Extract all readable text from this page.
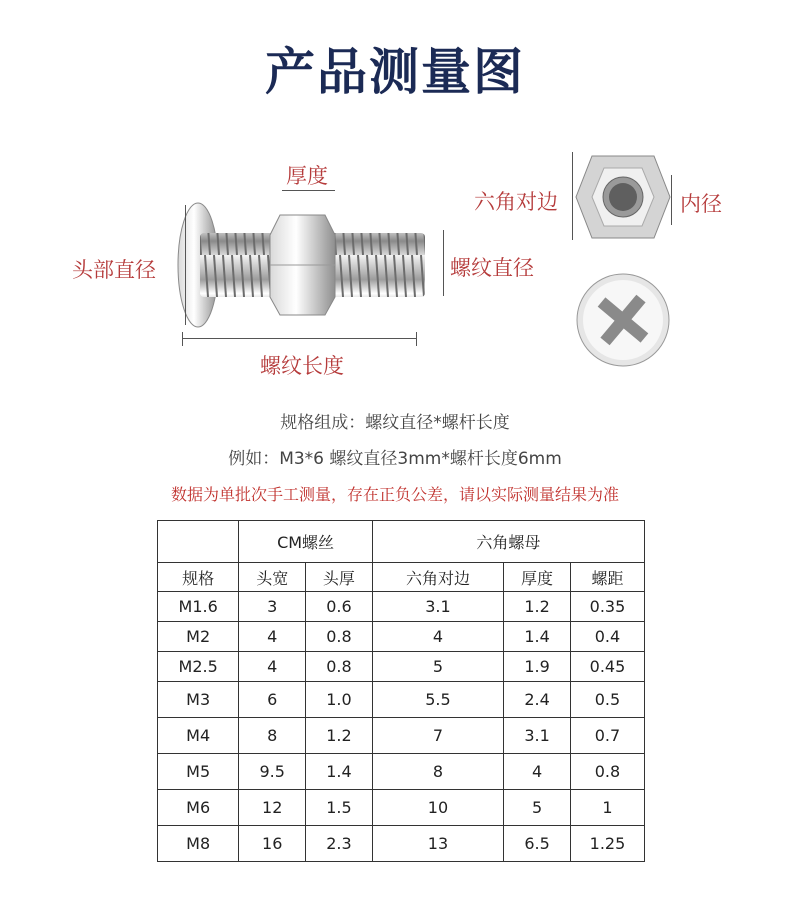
产品测量图
厚度
头部直径	螺纹直径
螺纹长度
六角对边	内径
规格组成：螺纹直径*螺杆长度
例如：M3*6 螺纹直径3mm*螺杆长度6mm
数据为单批次手工测量，存在正负公差，请以实际测量结果为准
	CM螺丝		六角螺母		
规格	头宽	头厚	六角对边	厚度	螺距
M1.6	3	0.6	3.1	1.2	0.35
M2	4	0.8	4	1.4	0.4
M2.5	4	0.8	5	1.9	0.45
M3	6	1.0	5.5	2.4	0.5
M4	8	1.2	7	3.1	0.7
M5	9.5	1.4	8	4	0.8
M6	12	1.5	10	5	1
M8	16	2.3	13	6.5	1.25
